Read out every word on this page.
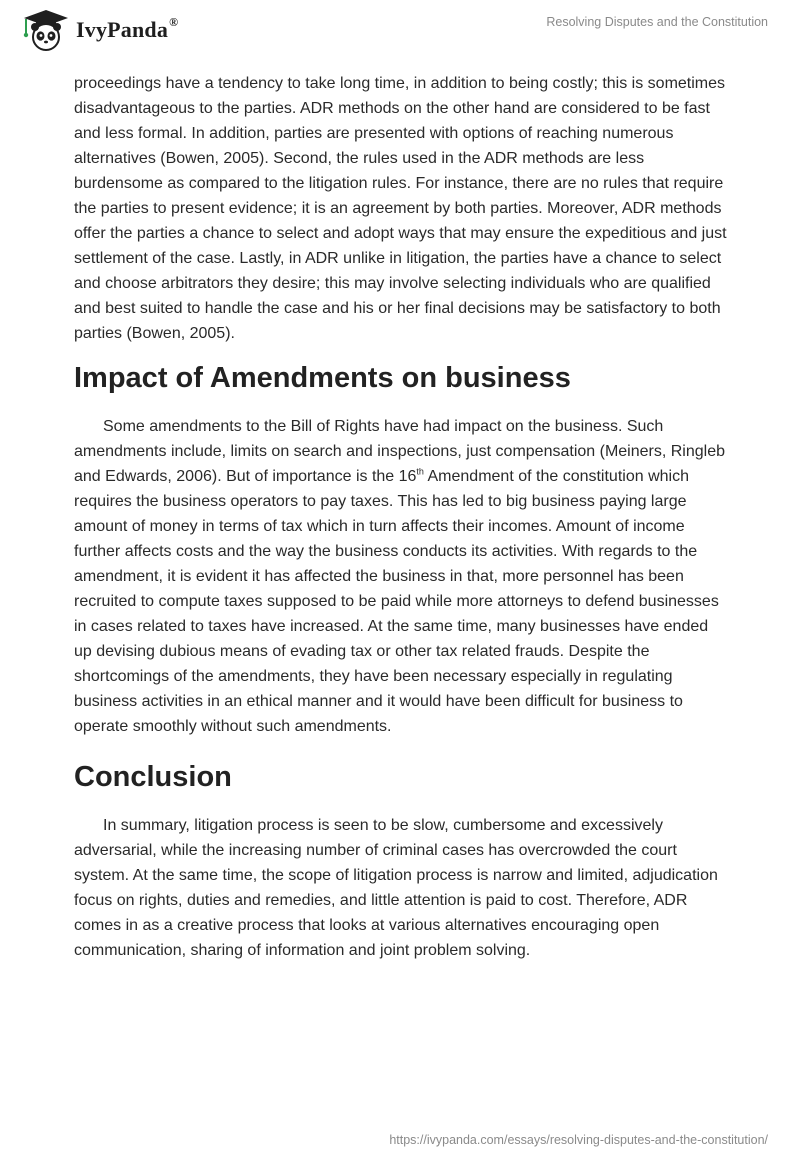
IvyPanda®	Resolving Disputes and the Constitution

proceedings have a tendency to take long time, in addition to being costly; this is sometimes disadvantageous to the parties. ADR methods on the other hand are considered to be fast and less formal. In addition, parties are presented with options of reaching numerous alternatives (Bowen, 2005). Second, the rules used in the ADR methods are less burdensome as compared to the litigation rules. For instance, there are no rules that require the parties to present evidence; it is an agreement by both parties. Moreover, ADR methods offer the parties a chance to select and adopt ways that may ensure the expeditious and just settlement of the case. Lastly, in ADR unlike in litigation, the parties have a chance to select and choose arbitrators they desire; this may involve selecting individuals who are qualified and best suited to handle the case and his or her final decisions may be satisfactory to both parties (Bowen, 2005).

Impact of Amendments on business

Some amendments to the Bill of Rights have had impact on the business. Such amendments include, limits on search and inspections, just compensation (Meiners, Ringleb and Edwards, 2006). But of importance is the 16th Amendment of the constitution which requires the business operators to pay taxes. This has led to big business paying large amount of money in terms of tax which in turn affects their incomes. Amount of income further affects costs and the way the business conducts its activities. With regards to the amendment, it is evident it has affected the business in that, more personnel has been recruited to compute taxes supposed to be paid while more attorneys to defend businesses in cases related to taxes have increased. At the same time, many businesses have ended up devising dubious means of evading tax or other tax related frauds. Despite the shortcomings of the amendments, they have been necessary especially in regulating business activities in an ethical manner and it would have been difficult for business to operate smoothly without such amendments.

Conclusion

In summary, litigation process is seen to be slow, cumbersome and excessively adversarial, while the increasing number of criminal cases has overcrowded the court system. At the same time, the scope of litigation process is narrow and limited, adjudication focus on rights, duties and remedies, and little attention is paid to cost. Therefore, ADR comes in as a creative process that looks at various alternatives encouraging open communication, sharing of information and joint problem solving.

https://ivypanda.com/essays/resolving-disputes-and-the-constitution/
